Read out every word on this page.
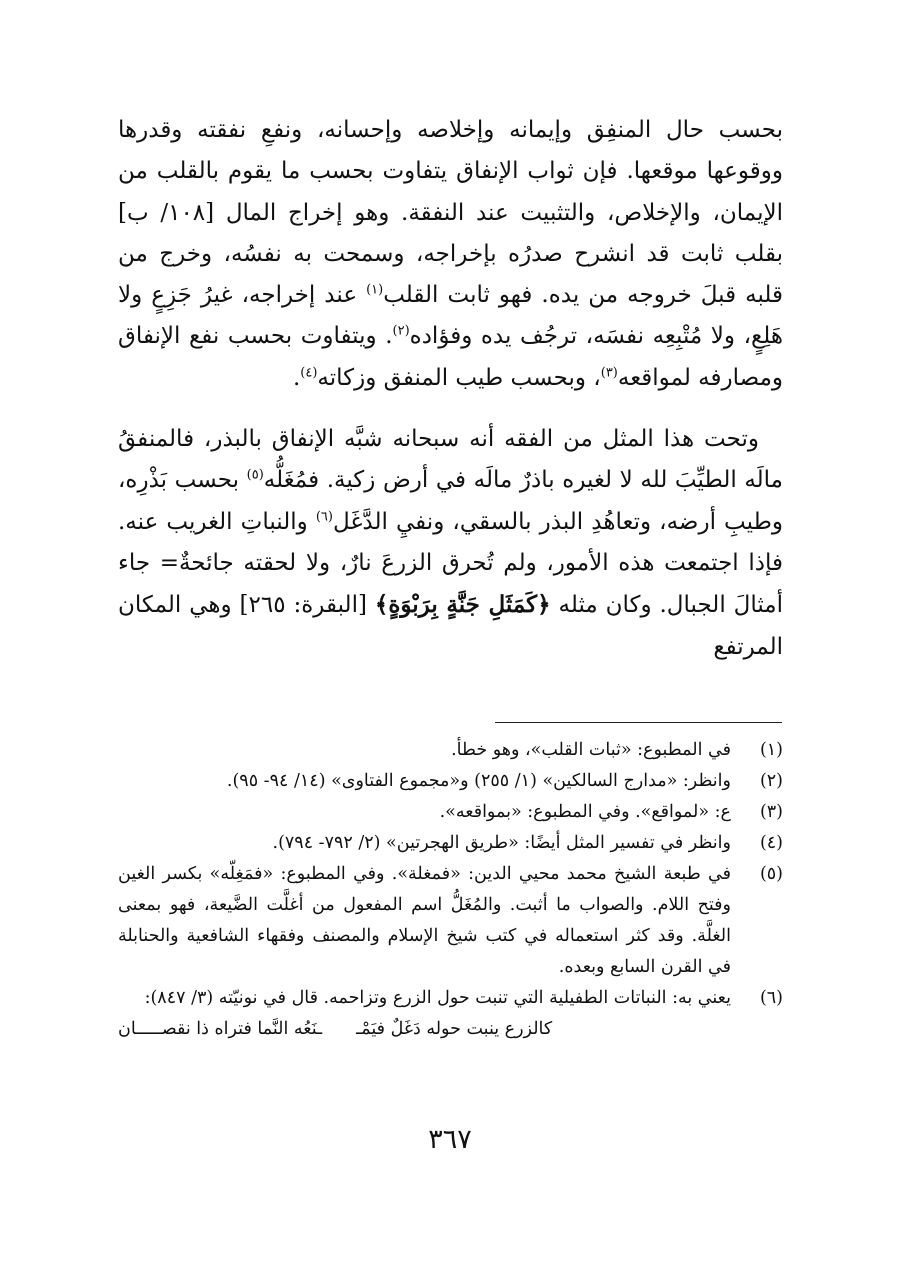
بحسب حال المنفِق وإيمانه وإخلاصه وإحسانه، ونفعِ نفقته وقدرها ووقوعها موقعها. فإن ثواب الإنفاق يتفاوت بحسب ما يقوم بالقلب من الإيمان، والإخلاص، والتثبيت عند النفقة. وهو إخراج المال [١٠٨/ ب] بقلب ثابت قد انشرح صدرُه بإخراجه، وسمحت به نفسُه، وخرج من قلبه قبلَ خروجه من يده. فهو ثابت القلب$^{(١)}$ عند إخراجه، غيرُ جَزِعٍ ولا هَلِعٍ، ولا مُتْبِعِه نفسَه، ترجُف يده وفؤاده$^{(٢)}$. ويتفاوت بحسب نفع الإنفاق ومصارفه لمواقعه$^{(٣)}$، وبحسب طيب المنفق وزكاته$^{(٤)}$.

وتحت هذا المثل من الفقه أنه سبحانه شبَّه الإنفاق بالبذر، فالمنفقُ مالَه الطيِّبَ لله لا لغيره باذرٌ مالَه في أرض زكية. فمُغَلُّه$^{(٥)}$ بحسب بَذْرِه، وطيبِ أرضه، وتعاهُدِ البذر بالسقي، ونفيِ الدَّغَل$^{(٦)}$ والنباتِ الغريب عنه. فإذا اجتمعت هذه الأمور، ولم تُحرق الزرعَ نارٌ، ولا لحقته جائحةٌ= جاء أمثالَ الجبال. وكان مثله ﴿كَمَثَلِ جَنَّةٍ بِرَبْوَةٍ﴾ [البقرة: ٢٦٥] وهي المكان المرتفع

(١)
في المطبوع: «ثبات القلب»، وهو خطأ.
(٢)
وانظر: «مدارج السالكين» (١/ ٢٥٥) و«مجموع الفتاوى» (١٤/ ٩٤- ٩٥).
(٣)
ع: «لمواقع». وفي المطبوع: «بمواقعه».
(٤)
وانظر في تفسير المثل أيضًا: «طريق الهجرتين» (٢/ ٧٩٢- ٧٩٤).
(٥)
في طبعة الشيخ محمد محيي الدين: «فمغلة». وفي المطبوع: «فمَغِلّه» بكسر الغين وفتح اللام. والصواب ما أثبت. والمُغَلُّ اسم المفعول من أغلَّت الضَّيعة، فهو بمعنى الغلَّة. وقد كثر استعماله في كتب شيخ الإسلام والمصنف وفقهاء الشافعية والحنابلة في القرن السابع وبعده.
(٦)
يعني به: النباتات الطفيلية التي تنبت حول الزرع وتزاحمه. قال في نونيّته (٣/ ٨٤٧):
كالزرع ينبت حوله دَغَلٌ فيَمْـ
ـنَعُه النَّما فتراه ذا نقصـــــان
٣٦٧
